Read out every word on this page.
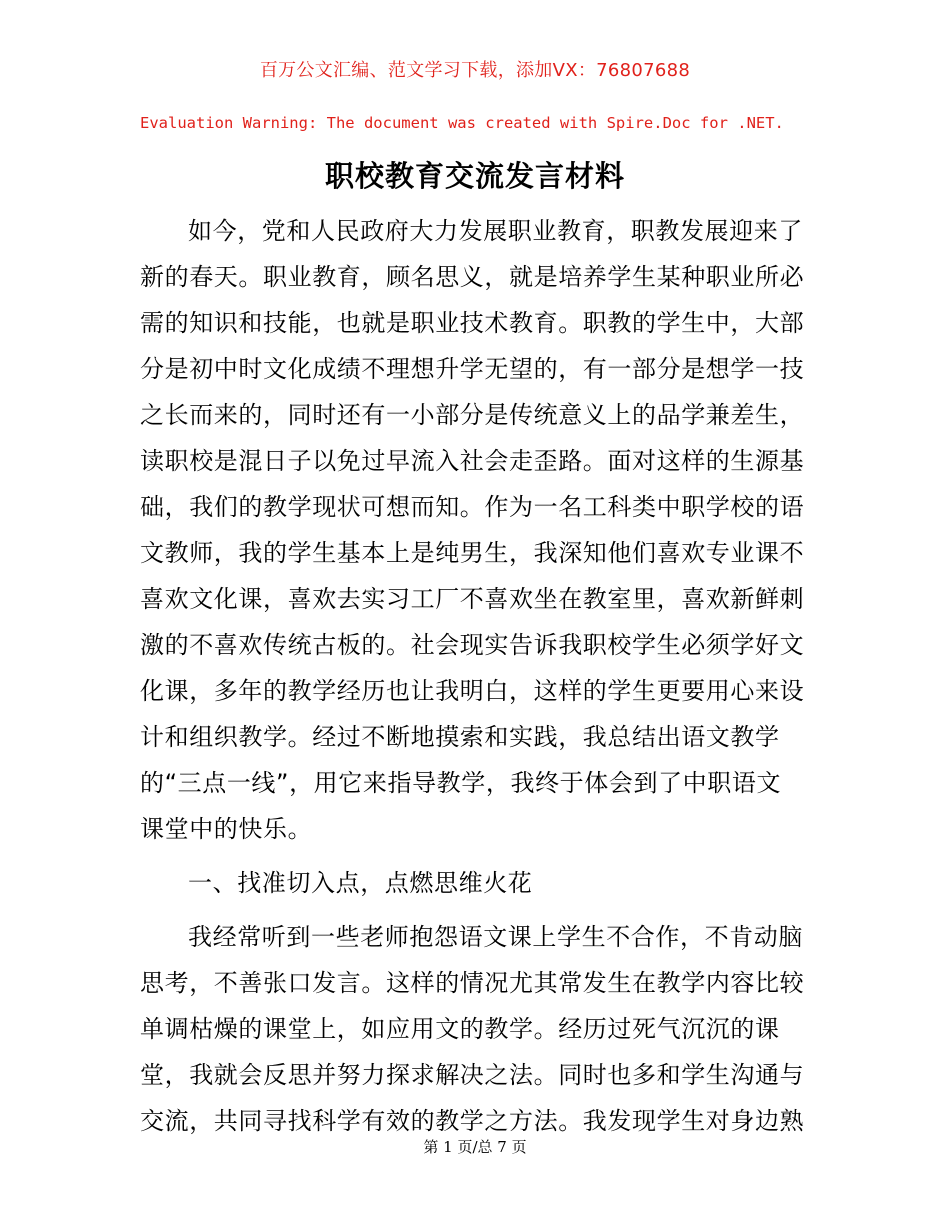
百万公文汇编、范文学习下载，添加VX：76807688
Evaluation Warning: The document was created with Spire.Doc for .NET.
职校教育交流发言材料
如今，党和人民政府大力发展职业教育，职教发展迎来了
新的春天。职业教育，顾名思义，就是培养学生某种职业所必
需的知识和技能，也就是职业技术教育。职教的学生中，大部
分是初中时文化成绩不理想升学无望的，有一部分是想学一技
之长而来的，同时还有一小部分是传统意义上的品学兼差生，
读职校是混日子以免过早流入社会走歪路。面对这样的生源基
础，我们的教学现状可想而知。作为一名工科类中职学校的语
文教师，我的学生基本上是纯男生，我深知他们喜欢专业课不
喜欢文化课，喜欢去实习工厂不喜欢坐在教室里，喜欢新鲜刺
激的不喜欢传统古板的。社会现实告诉我职校学生必须学好文
化课，多年的教学经历也让我明白，这样的学生更要用心来设
计和组织教学。经过不断地摸索和实践，我总结出语文教学
的“三点一线”，用它来指导教学，我终于体会到了中职语文
课堂中的快乐。
一、找准切入点，点燃思维火花
我经常听到一些老师抱怨语文课上学生不合作，不肯动脑
思考，不善张口发言。这样的情况尤其常发生在教学内容比较
单调枯燥的课堂上，如应用文的教学。经历过死气沉沉的课
堂，我就会反思并努力探求解决之法。同时也多和学生沟通与
交流，共同寻找科学有效的教学之方法。我发现学生对身边熟
第 1 页/总 7 页
